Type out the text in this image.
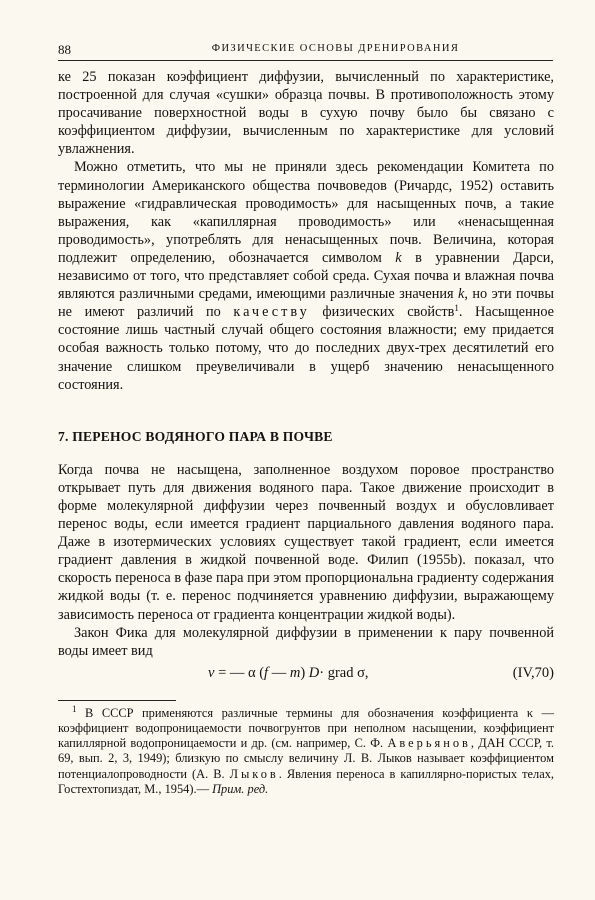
88	ФИЗИЧЕСКИЕ ОСНОВЫ ДРЕНИРОВАНИЯ

ке 25 показан коэффициент диффузии, вычисленный по характеристике, построенной для случая «сушки» образца почвы. В противоположность этому просачивание поверхностной воды в сухую почву было бы связано с коэффициентом диффузии, вычисленным по характеристике для условий увлажнения.

Можно отметить, что мы не приняли здесь рекомендации Комитета по терминологии Американского общества почвоведов (Ричардс, 1952) оставить выражение «гидравлическая проводимость» для насыщенных почв, а такие выражения, как «капиллярная проводимость» или «ненасыщенная проводимость», употреблять для ненасыщенных почв. Величина, которая подлежит определению, обозначается символом k в уравнении Дарси, независимо от того, что представляет собой среда. Сухая почва и влажная почва являются различными средами, имеющими различные значения k, но эти почвы не имеют различий по качеству физических свойств$^1$. Насыщенное состояние лишь частный случай общего состояния влажности; ему придается особая важность только потому, что до последних двух-трех десятилетий его значение слишком преувеличивали в ущерб значению ненасыщенного состояния.

7. ПЕРЕНОС ВОДЯНОГО ПАРА В ПОЧВЕ

Когда почва не насыщена, заполненное воздухом поровое пространство открывает путь для движения водяного пара. Такое движение происходит в форме молекулярной диффузии через почвенный воздух и обусловливает перенос воды, если имеется градиент парциального давления водяного пара. Даже в изотермических условиях существует такой градиент, если имеется градиент давления в жидкой почвенной воде. Филип (1955b). показал, что скорость переноса в фазе пара при этом пропорциональна градиенту содержания жидкой воды (т. е. перенос подчиняется уравнению диффузии, выражающему зависимость переноса от градиента концентрации жидкой воды).

Закон Фика для молекулярной диффузии в применении к пару почвенной воды имеет вид

v = — α (f — m) D· grad σ,	(IV,70)

$^1$ В СССР применяются различные термины для обозначения коэффициента κ — коэффициент водопроницаемости почвогрунтов при неполном насыщении, коэффициент капиллярной водопроницаемости и др. (см. например, С. Ф. Аверьянов, ДАН СССР, т. 69, вып. 2, 3, 1949); близкую по смыслу величину Л. В. Лыков называет коэффициентом потенциалопроводности (А. В. Лыков. Явления переноса в капиллярно-пористых телах, Гостехтопиздат, М., 1954).— Прим. ред.
